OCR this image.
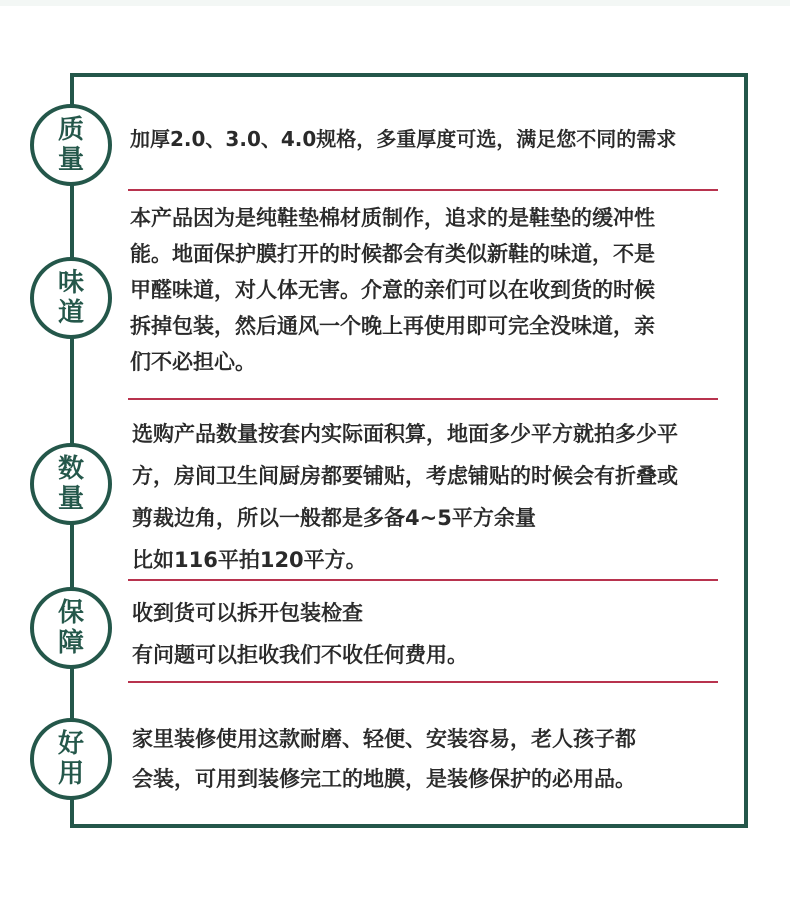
质量

加厚2.0、3.0、4.0规格，多重厚度可选，满足您不同的需求

味道

本产品因为是纯鞋垫棉材质制作，追求的是鞋垫的缓冲性

能。地面保护膜打开的时候都会有类似新鞋的味道，不是

甲醛味道，对人体无害。介意的亲们可以在收到货的时候

拆掉包装，然后通风一个晚上再使用即可完全没味道，亲

们不必担心。

数量

选购产品数量按套内实际面积算，地面多少平方就拍多少平

方，房间卫生间厨房都要铺贴，考虑铺贴的时候会有折叠或

剪裁边角，所以一般都是多备4~5平方余量

比如116平拍120平方。

保障

收到货可以拆开包装检查

有问题可以拒收我们不收任何费用。

好用

家里装修使用这款耐磨、轻便、安装容易，老人孩子都

会装，可用到装修完工的地膜，是装修保护的必用品。
